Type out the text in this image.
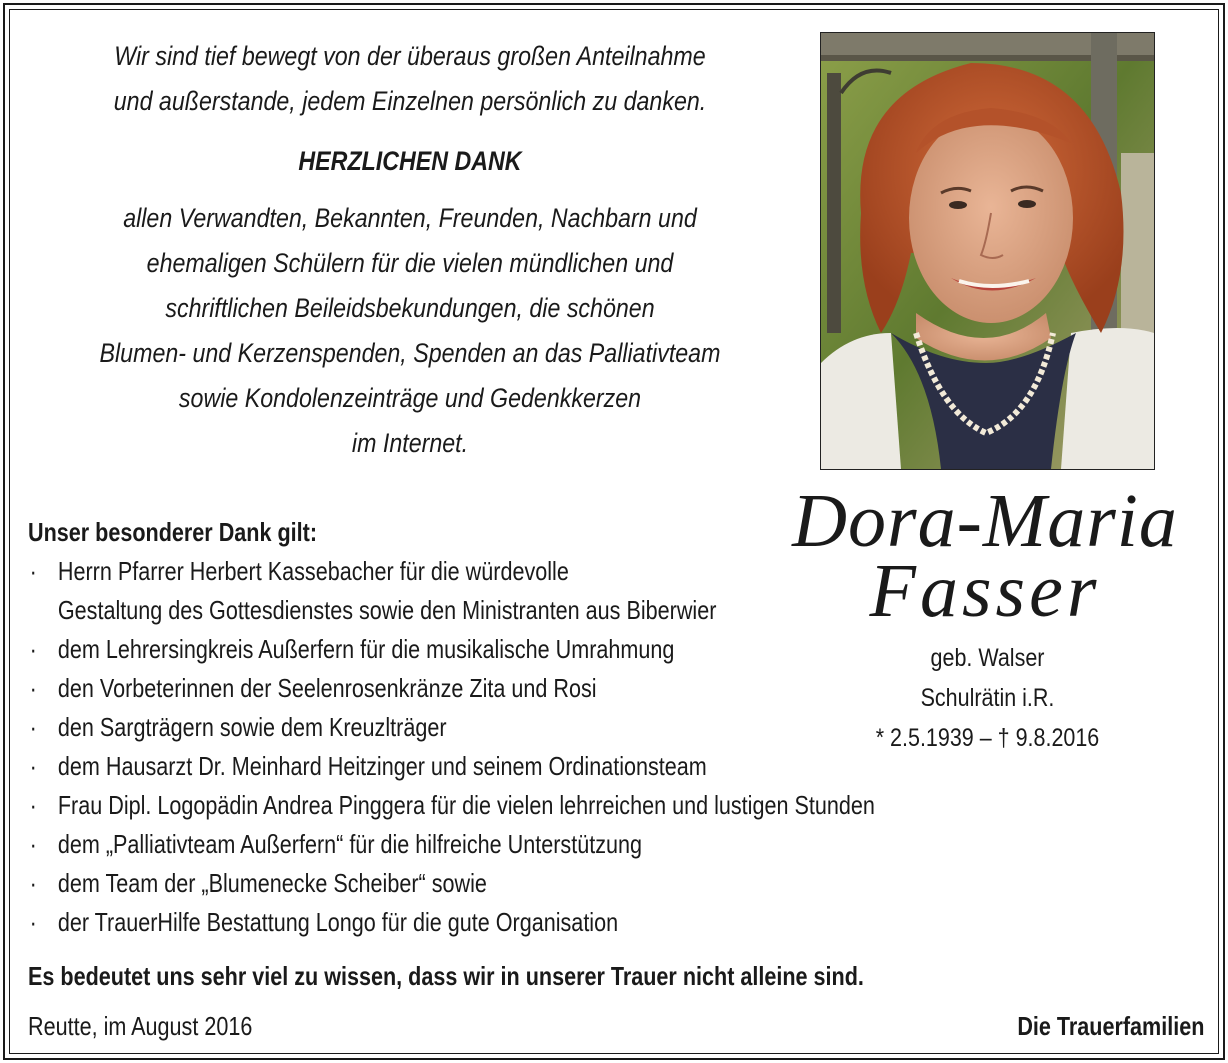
Wir sind tief bewegt von der überaus großen Anteilnahme

und außerstande, jedem Einzelnen persönlich zu danken.

HERZLICHEN DANK

allen Verwandten, Bekannten, Freunden, Nachbarn und

ehemaligen Schülern für die vielen mündlichen und

schriftlichen Beileidsbekundungen, die schönen

Blumen- und Kerzenspenden, Spenden an das Palliativteam

sowie Kondolenzeinträge und Gedenkkerzen

im Internet.

Dora-Maria
Fasser
geb. Walser
Schulrätin i.R.
* 2.5.1939 – † 9.8.2016
Unser besonderer Dank gilt:
· Herrn Pfarrer Herbert Kassebacher für die würdevolle
Gestaltung des Gottesdienstes sowie den Ministranten aus Biberwier
· dem Lehrersingkreis Außerfern für die musikalische Umrahmung
· den Vorbeterinnen der Seelenrosenkränze Zita und Rosi
· den Sargträgern sowie dem Kreuzlträger
· dem Hausarzt Dr. Meinhard Heitzinger und seinem Ordinationsteam
· Frau Dipl. Logopädin Andrea Pinggera für die vielen lehrreichen und lustigen Stunden
· dem „Palliativteam Außerfern“ für die hilfreiche Unterstützung
· dem Team der „Blumenecke Scheiber“ sowie
· der TrauerHilfe Bestattung Longo für die gute Organisation
Es bedeutet uns sehr viel zu wissen, dass wir in unserer Trauer nicht alleine sind.
Reutte, im August 2016	Die Trauerfamilien
